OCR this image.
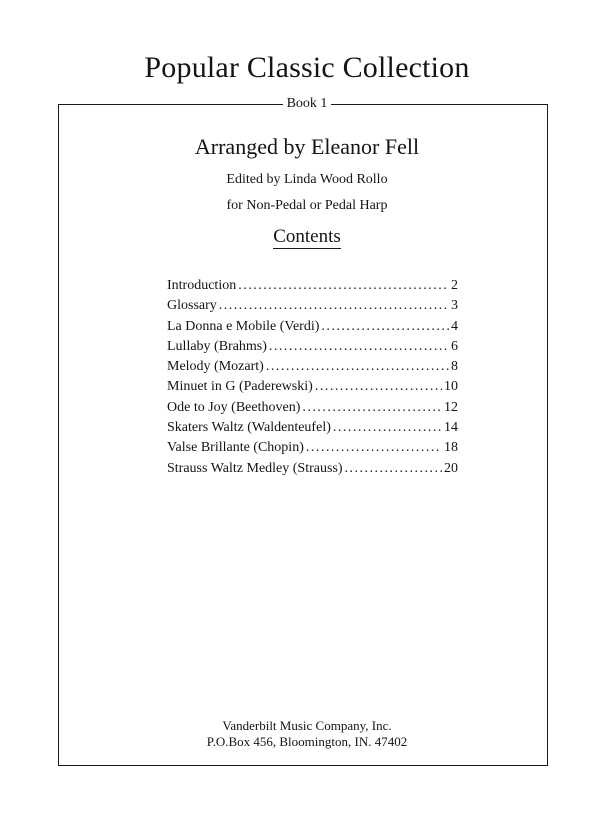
Popular Classic Collection
Book 1
Arranged by Eleanor Fell
Edited by Linda Wood Rollo
for Non-Pedal or Pedal Harp
Contents
Introduction . . .	2
Glossary . . .	3
La Donna e Mobile (Verdi) . . .	4
Lullaby (Brahms) . . .	6
Melody (Mozart) . . .	8
Minuet in G (Paderewski) . . .	10
Ode to Joy (Beethoven) . . .	12
Skaters Waltz (Waldenteufel) . . .	14
Valse Brillante (Chopin) . . .	18
Strauss Waltz Medley (Strauss) . . .	20
Vanderbilt Music Company, Inc.
P.O.Box 456, Bloomington, IN. 47402
